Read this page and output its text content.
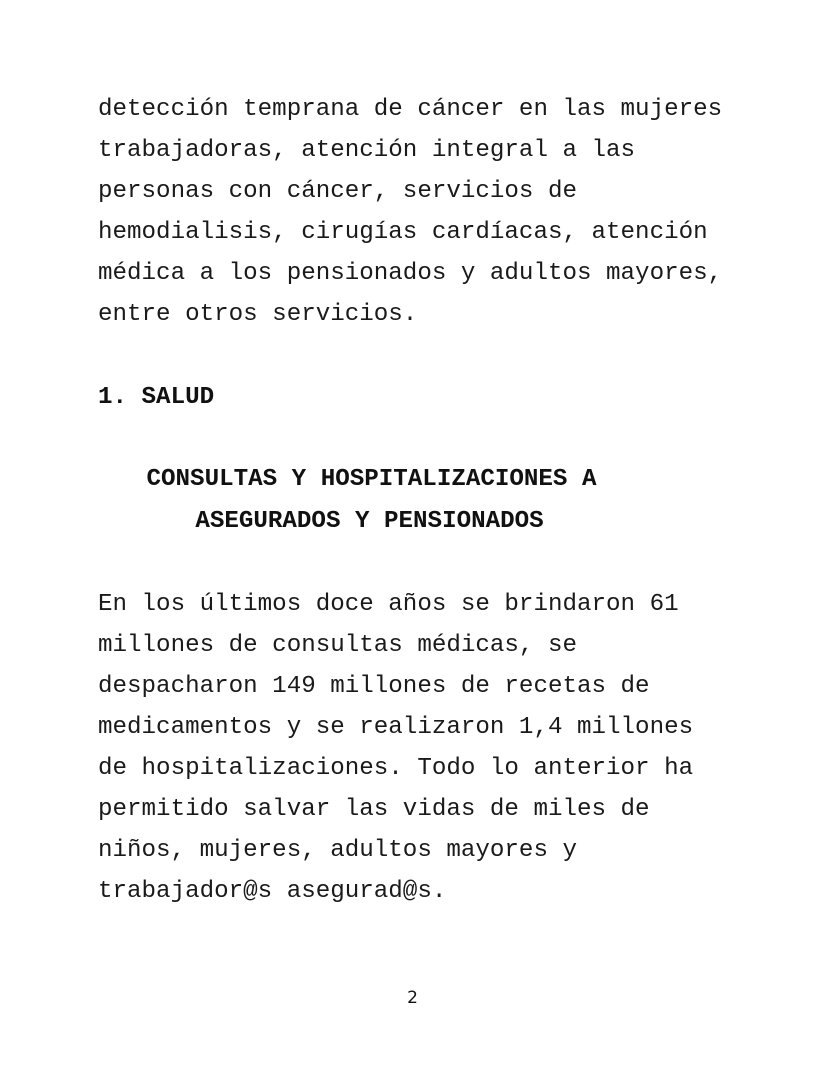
detección temprana de cáncer en las mujeres
trabajadoras, atención integral a las
personas con cáncer, servicios de
hemodialisis, cirugías cardíacas, atención
médica a los pensionados y adultos mayores,
entre otros servicios.
1. SALUD
CONSULTAS Y HOSPITALIZACIONES A
ASEGURADOS Y PENSIONADOS
En los últimos doce años se brindaron 61
millones de consultas médicas, se
despacharon 149 millones de recetas de
medicamentos y se realizaron 1,4 millones
de hospitalizaciones. Todo lo anterior ha
permitido salvar las vidas de miles de
niños, mujeres, adultos mayores y
trabajador@s asegurad@s.
2
